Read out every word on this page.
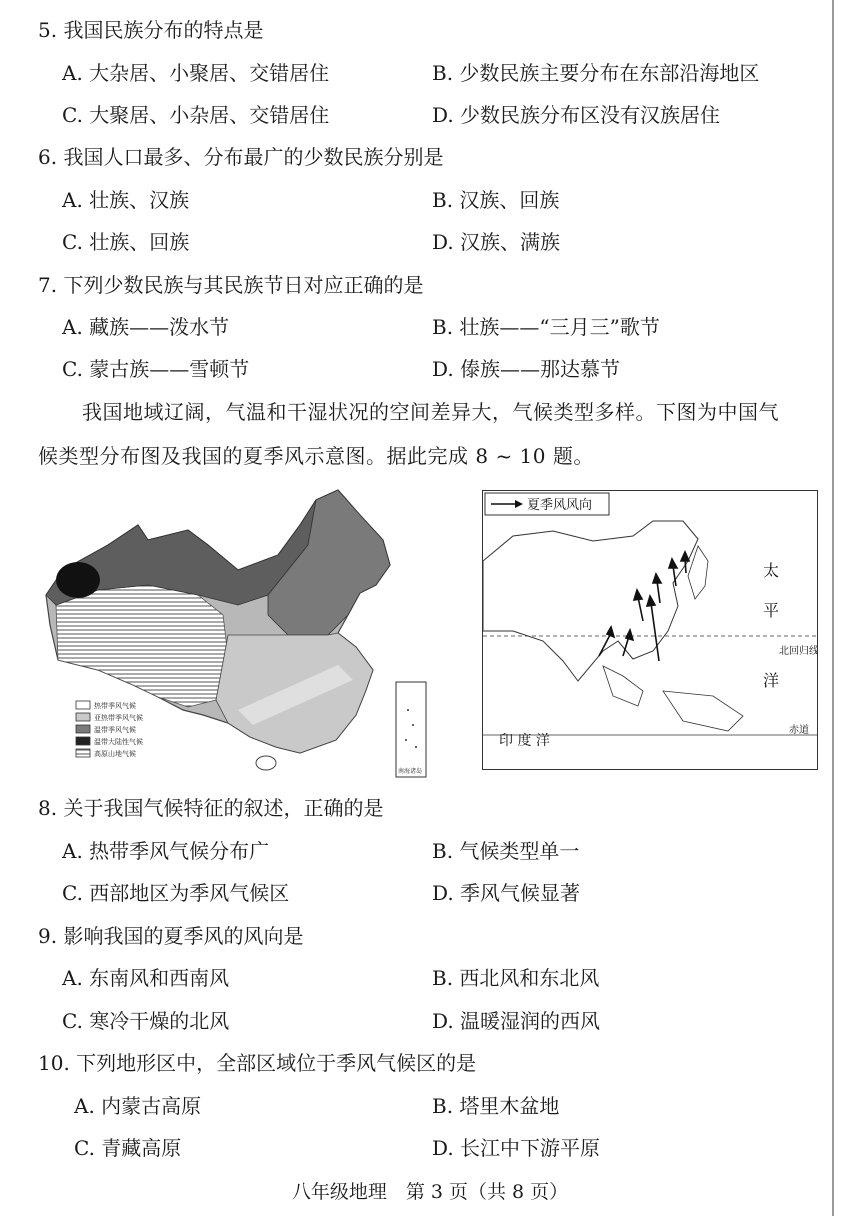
5. 我国民族分布的特点是
A. 大杂居、小聚居、交错居住	B. 少数民族主要分布在东部沿海地区
C. 大聚居、小杂居、交错居住	D. 少数民族分布区没有汉族居住
6. 我国人口最多、分布最广的少数民族分别是
A. 壮族、汉族	B. 汉族、回族
C. 壮族、回族	D. 汉族、满族
7. 下列少数民族与其民族节日对应正确的是
A. 藏族——泼水节	B. 壮族——“三月三”歌节
C. 蒙古族——雪顿节	D. 傣族——那达慕节
我国地域辽阔，气温和干湿状况的空间差异大，气候类型多样。下图为中国气
候类型分布图及我国的夏季风示意图。据此完成 8 ~ 10 题。
热带季风气候
亚热带季风气候
温带季风气候
温带大陆性气候
高原山地气候
南海诸岛
夏季风风向
北回归线
赤道
太
平
洋
印 度 洋
8. 关于我国气候特征的叙述，正确的是
A. 热带季风气候分布广	B. 气候类型单一
C. 西部地区为季风气候区	D. 季风气候显著
9. 影响我国的夏季风的风向是
A. 东南风和西南风	B. 西北风和东北风
C. 寒冷干燥的北风	D. 温暖湿润的西风
10. 下列地形区中，全部区域位于季风气候区的是
A. 内蒙古高原	B. 塔里木盆地
C. 青藏高原	D. 长江中下游平原
八年级地理　第 3 页（共 8 页）
